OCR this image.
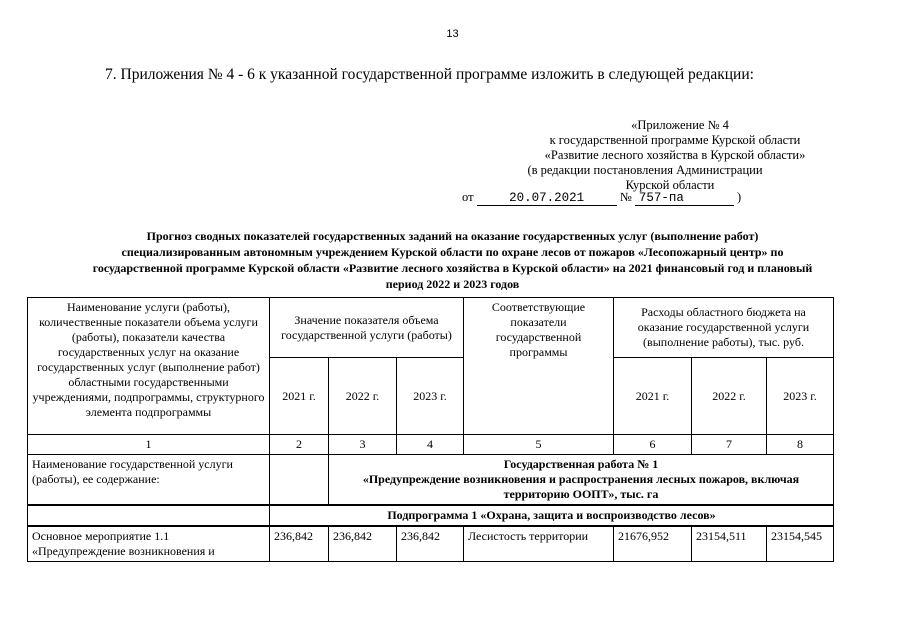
13
7. Приложения № 4 - 6 к указанной государственной программе изложить в следующей редакции:
«Приложение № 4
к государственной программе Курской области
«Развитие лесного хозяйства в Курской области»
(в редакции постановления Администрации
Курской области
от	20.07.2021	№ 757-па	)
Прогноз сводных показателей государственных заданий на оказание государственных услуг (выполнение работ) специализированным автономным учреждением Курской области по охране лесов от пожаров «Лесопожарный центр» по государственной программе Курской области «Развитие лесного хозяйства в Курской области» на 2021 финансовый год и плановый период 2022 и 2023 годов
Наименование услуги (работы), количественные показатели объема услуги (работы), показатели качества государственных услуг на оказание государственных услуг (выполнение работ) областными государственными учреждениями, подпрограммы, структурного элемента подпрограммы	Значение показателя объема государственной услуги (работы)			Соответствующие показатели государственной программы	Расходы областного бюджета на оказание государственной услуги (выполнение работы), тыс. руб.		
	2021 г.	2022 г.	2023 г.		2021 г.	2022 г.	2023 г.
1	2	3	4	5	6	7	8
Наименование государственной услуги (работы), ее содержание:		Государственная работа № 1
«Предупреждение возникновения и распространения лесных пожаров, включая территорию ООПТ», тыс. га					

	Подпрограмма 1 «Охрана, защита и воспроизводство лесов»						
Основное мероприятие 1.1 «Предупреждение возникновения и	236,842	236,842	236,842	Лесистость территории	21676,952	23154,511	23154,545
